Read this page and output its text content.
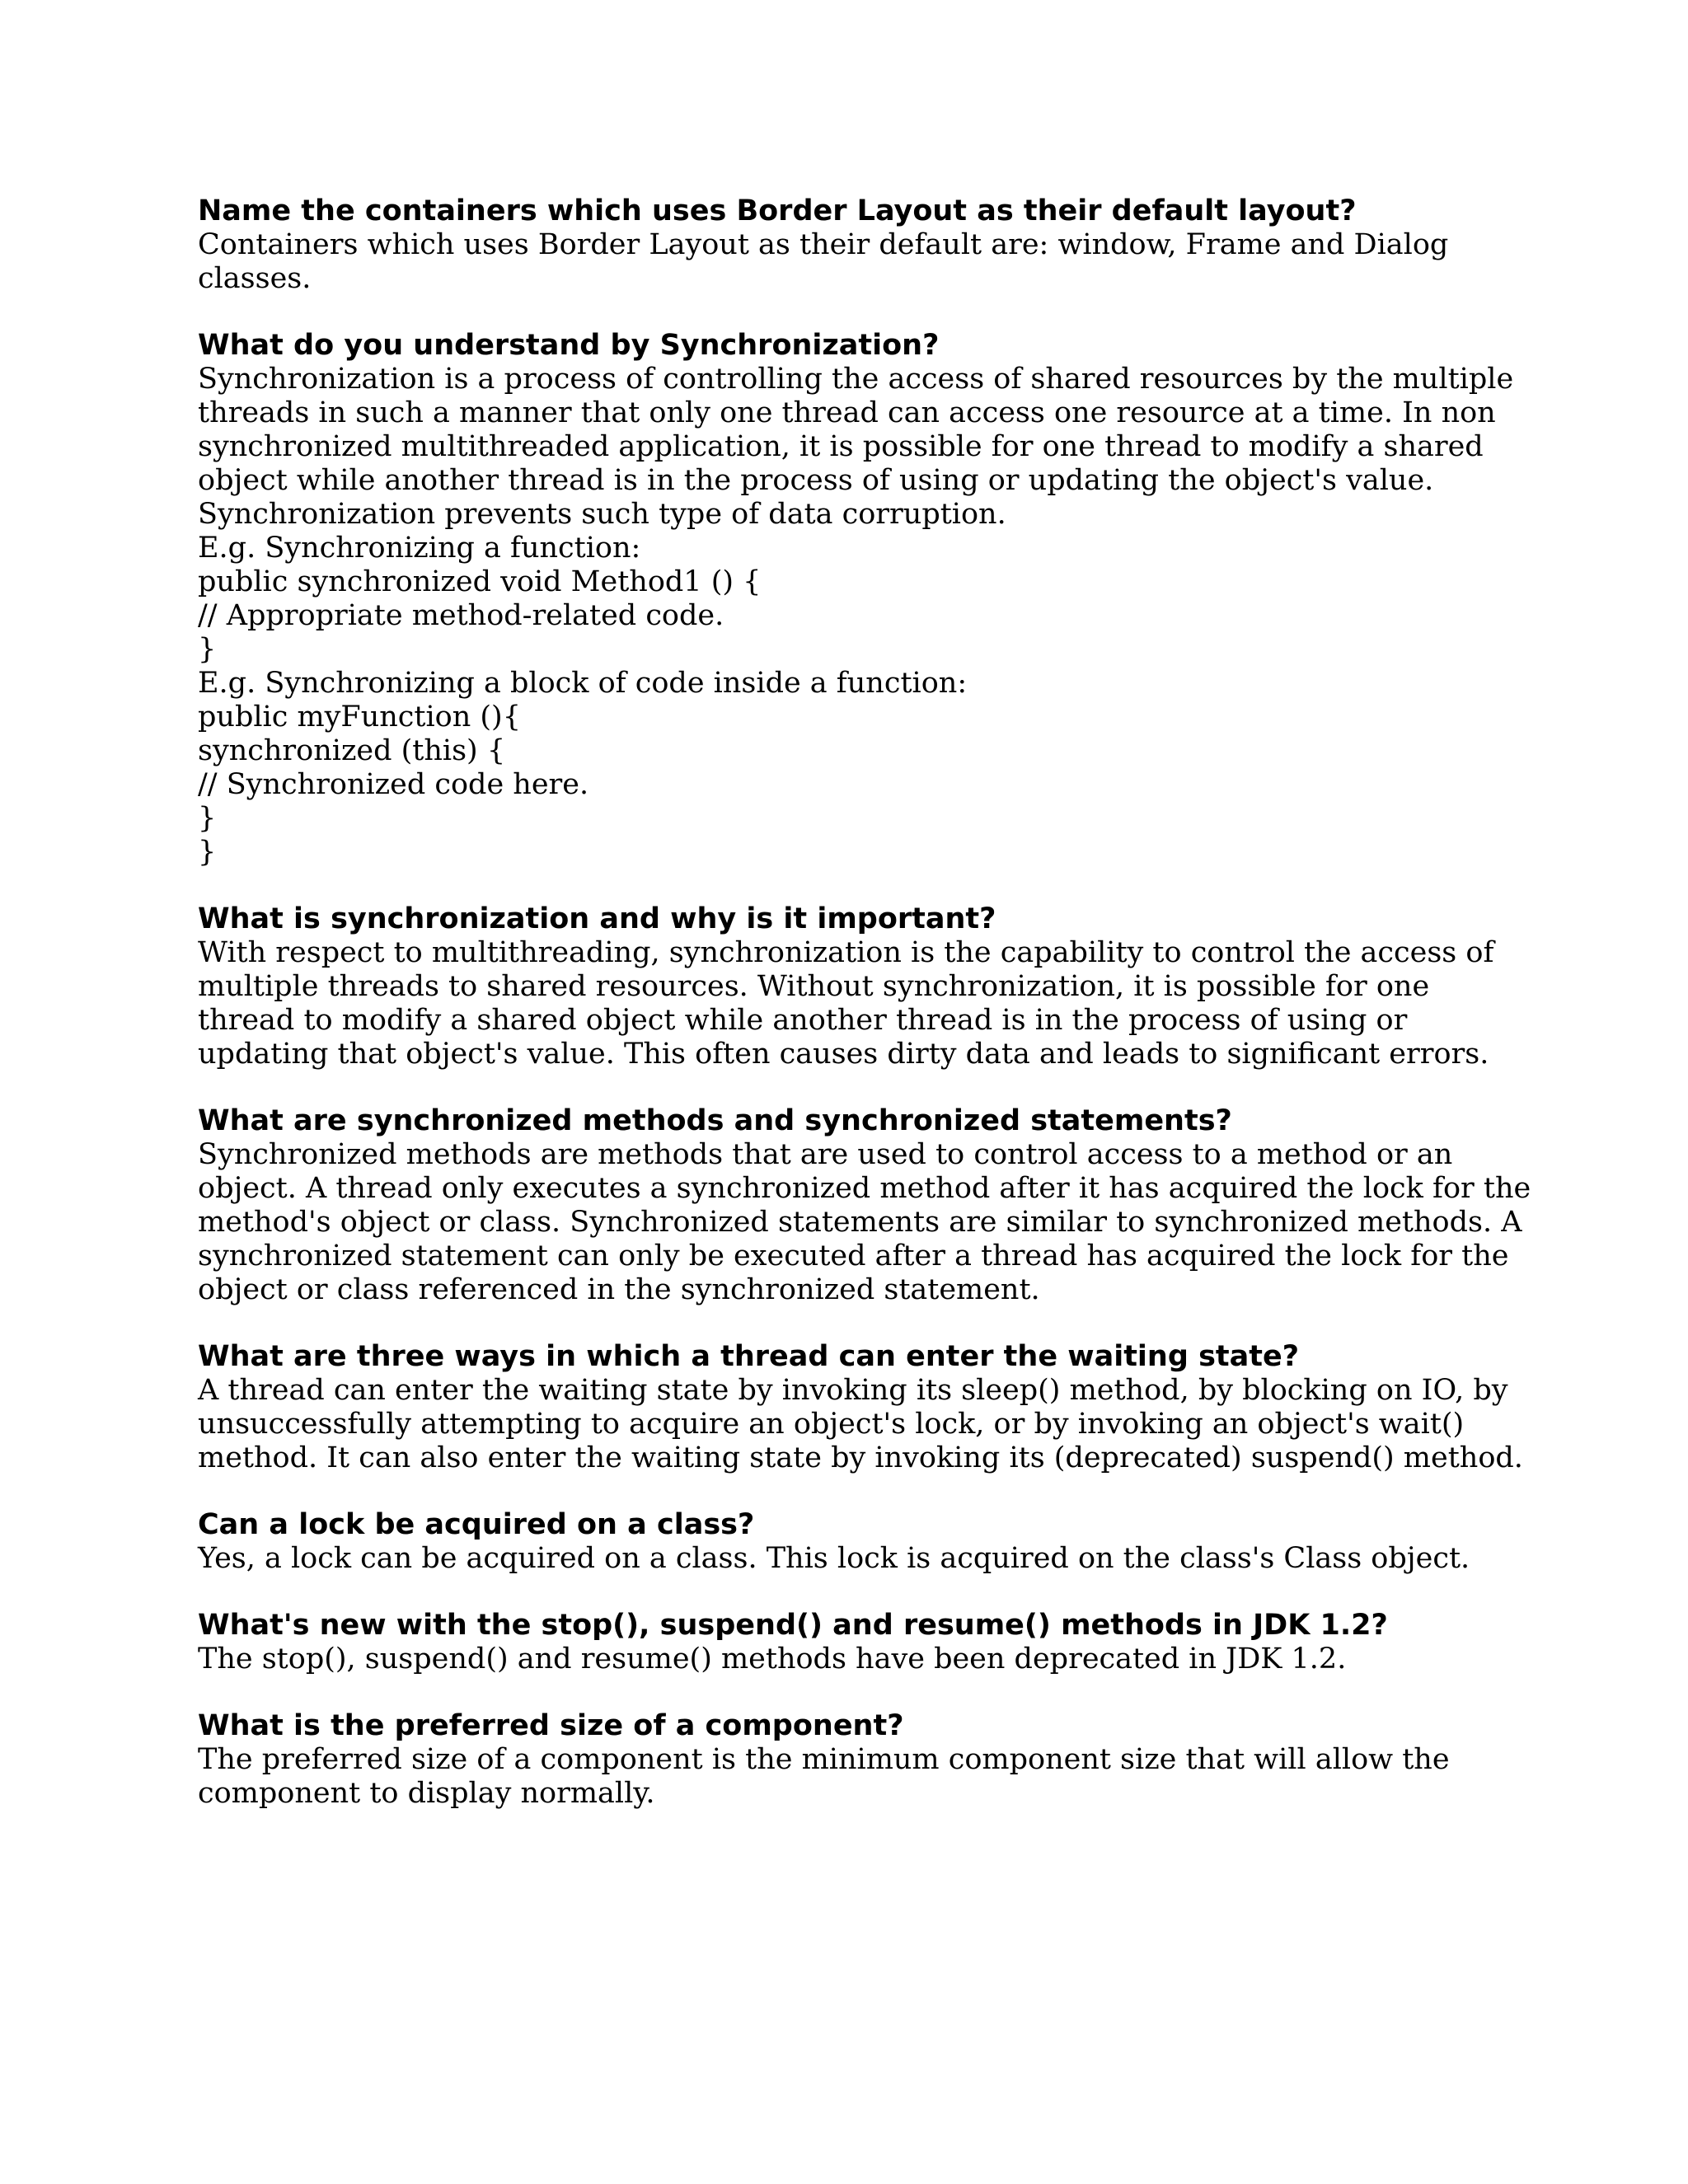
Name the containers which uses Border Layout as their default layout?
Containers which uses Border Layout as their default are: window, Frame and Dialog
classes.
What do you understand by Synchronization?
Synchronization is a process of controlling the access of shared resources by the multiple
threads in such a manner that only one thread can access one resource at a time. In non
synchronized multithreaded application, it is possible for one thread to modify a shared
object while another thread is in the process of using or updating the object's value.
Synchronization prevents such type of data corruption.
E.g. Synchronizing a function:
public synchronized void Method1 () {
// Appropriate method-related code.
}
E.g. Synchronizing a block of code inside a function:
public myFunction (){
synchronized (this) {
// Synchronized code here.
}
}
What is synchronization and why is it important?
With respect to multithreading, synchronization is the capability to control the access of
multiple threads to shared resources. Without synchronization, it is possible for one
thread to modify a shared object while another thread is in the process of using or
updating that object's value. This often causes dirty data and leads to significant errors.
What are synchronized methods and synchronized statements?
Synchronized methods are methods that are used to control access to a method or an
object. A thread only executes a synchronized method after it has acquired the lock for the
method's object or class. Synchronized statements are similar to synchronized methods. A
synchronized statement can only be executed after a thread has acquired the lock for the
object or class referenced in the synchronized statement.
What are three ways in which a thread can enter the waiting state?
A thread can enter the waiting state by invoking its sleep() method, by blocking on IO, by
unsuccessfully attempting to acquire an object's lock, or by invoking an object's wait()
method. It can also enter the waiting state by invoking its (deprecated) suspend() method.
Can a lock be acquired on a class?
Yes, a lock can be acquired on a class. This lock is acquired on the class's Class object.
What's new with the stop(), suspend() and resume() methods in JDK 1.2?
The stop(), suspend() and resume() methods have been deprecated in JDK 1.2.
What is the preferred size of a component?
The preferred size of a component is the minimum component size that will allow the
component to display normally.
